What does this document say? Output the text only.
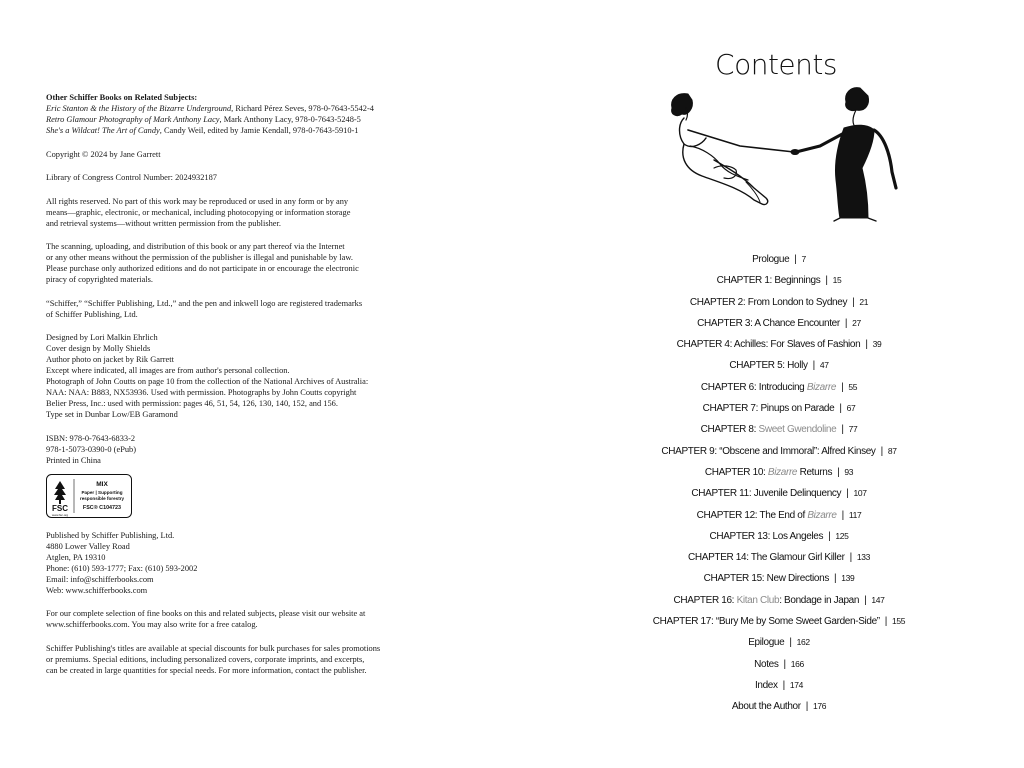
Other Schiffer Books on Related Subjects:
Eric Stanton & the History of the Bizarre Underground, Richard Pérez Seves, 978-0-7643-5542-4
Retro Glamour Photography of Mark Anthony Lacy, Mark Anthony Lacy, 978-0-7643-5248-5
She's a Wildcat! The Art of Candy, Candy Weil, edited by Jamie Kendall, 978-0-7643-5910-1

Copyright © 2024 by Jane Garrett

Library of Congress Control Number: 2024932187

All rights reserved. No part of this work may be reproduced or used in any form or by any
means—graphic, electronic, or mechanical, including photocopying or information storage
and retrieval systems—without written permission from the publisher.

The scanning, uploading, and distribution of this book or any part thereof via the Internet
or any other means without the permission of the publisher is illegal and punishable by law.
Please purchase only authorized editions and do not participate in or encourage the electronic
piracy of copyrighted materials.

“Schiffer,” “Schiffer Publishing, Ltd.,” and the pen and inkwell logo are registered trademarks
of Schiffer Publishing, Ltd.

Designed by Lori Malkin Ehrlich
Cover design by Molly Shields
Author photo on jacket by Rik Garrett
Except where indicated, all images are from author's personal collection.
Photograph of John Coutts on page 10 from the collection of the National Archives of Australia:
NAA: NAA: B883, NX53936. Used with permission. Photographs by John Coutts copyright
Belier Press, Inc.: used with permission: pages 46, 51, 54, 126, 130, 140, 152, and 156.
Type set in Dunbar Low/EB Garamond

ISBN: 978-0-7643-6833-2
978-1-5073-0390-0 (ePub)
Printed in China

FSC
www.fsc.org
MIX
Paper | Supporting
responsible forestry
FSC® C104723

Published by Schiffer Publishing, Ltd.
4880 Lower Valley Road
Atglen, PA 19310
Phone: (610) 593-1777; Fax: (610) 593-2002
Email: info@schifferbooks.com
Web: www.schifferbooks.com

For our complete selection of fine books on this and related subjects, please visit our website at
www.schifferbooks.com. You may also write for a free catalog.

Schiffer Publishing's titles are available at special discounts for bulk purchases for sales promotions
or premiums. Special editions, including personalized covers, corporate imprints, and excerpts,
can be created in large quantities for special needs. For more information, contact the publisher.

Contents
Prologue | 7
CHAPTER 1: Beginnings | 15
CHAPTER 2: From London to Sydney | 21
CHAPTER 3: A Chance Encounter | 27
CHAPTER 4: Achilles: For Slaves of Fashion | 39
CHAPTER 5: Holly | 47
CHAPTER 6: Introducing Bizarre | 55
CHAPTER 7: Pinups on Parade | 67
CHAPTER 8: Sweet Gwendoline | 77
CHAPTER 9: “Obscene and Immoral”: Alfred Kinsey | 87
CHAPTER 10: Bizarre Returns | 93
CHAPTER 11: Juvenile Delinquency | 107
CHAPTER 12: The End of Bizarre | 117
CHAPTER 13: Los Angeles | 125
CHAPTER 14: The Glamour Girl Killer | 133
CHAPTER 15: New Directions | 139
CHAPTER 16: Kitan Club: Bondage in Japan | 147
CHAPTER 17: “Bury Me by Some Sweet Garden-Side” | 155
Epilogue | 162
Notes | 166
Index | 174
About the Author | 176
